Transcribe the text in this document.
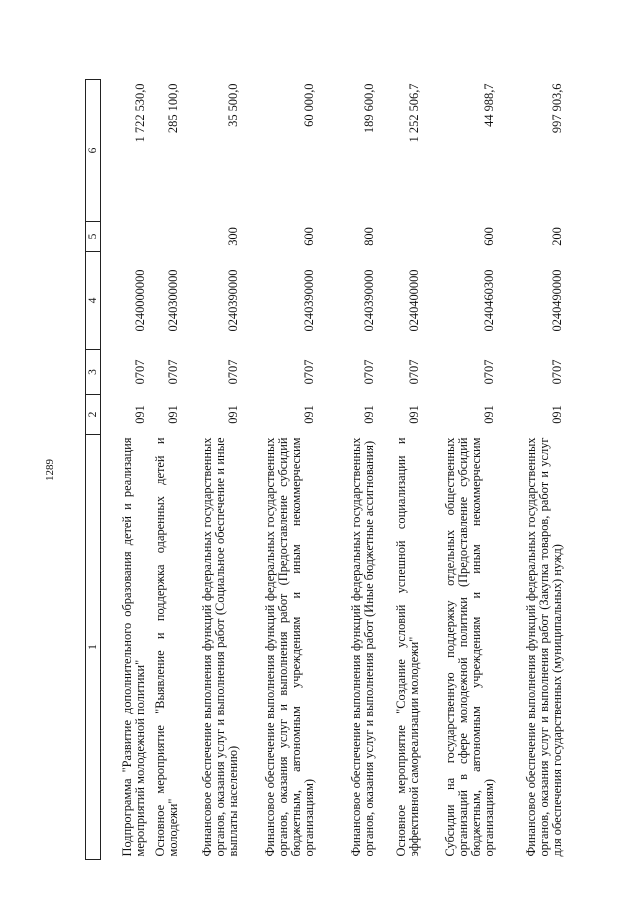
1289
1	2	3	4	5	6
Подпрограмма "Развитие дополнительного образования детей и реализация мероприятий молодежной политики"	091	0707	0240000000		1 722 530,0
Основное мероприятие "Выявление и поддержка одаренных детей и молодежи"	091	0707	0240300000		285 100,0
Финансовое обеспечение выполнения функций федеральных государственных органов, оказания услуг и выполнения работ (Социальное обеспечение и иные выплаты населению)	091	0707	0240390000	300	35 500,0
Финансовое обеспечение выполнения функций федеральных государственных органов, оказания услуг и выполнения работ (Предоставление субсидий бюджетным, автономным учреждениям и иным некоммерческим организациям)	091	0707	0240390000	600	60 000,0
Финансовое обеспечение выполнения функций федеральных государственных органов, оказания услуг и выполнения работ (Иные бюджетные ассигнования)	091	0707	0240390000	800	189 600,0
Основное мероприятие "Создание условий успешной социализации и эффективной самореализации молодежи"	091	0707	0240400000		1 252 506,7
Субсидии на государственную поддержку отдельных общественных организаций в сфере молодежной политики (Предоставление субсидий бюджетным, автономным учреждениям и иным некоммерческим организациям)	091	0707	0240460300	600	44 988,7
Финансовое обеспечение выполнения функций федеральных государственных органов, оказания услуг и выполнения работ (Закупка товаров, работ и услуг для обеспечения государственных (муниципальных) нужд)	091	0707	0240490000	200	997 903,6
